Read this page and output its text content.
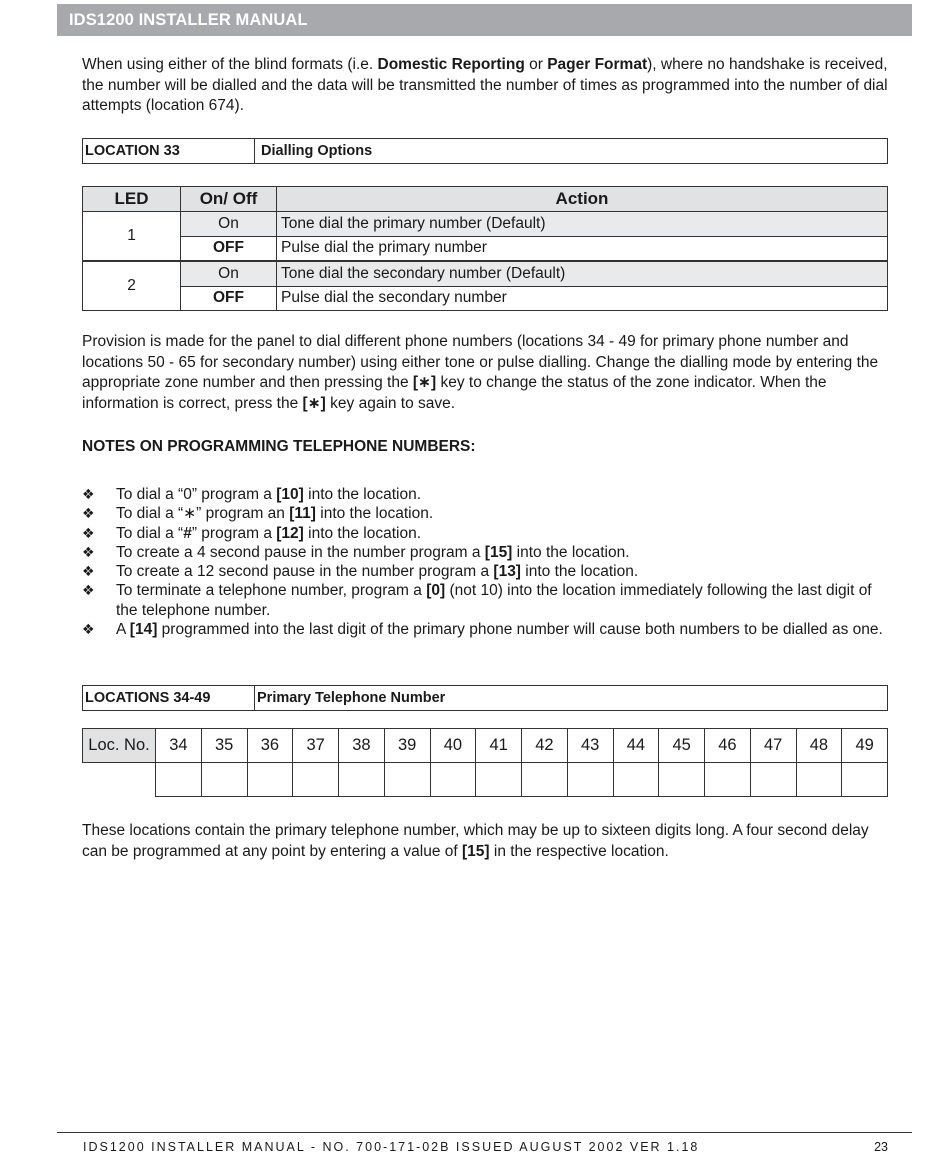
IDS1200 INSTALLER MANUAL

When using either of the blind formats (i.e. Domestic Reporting or Pager Format), where no handshake is received, the number will be dialled and the data will be transmitted the number of times as programmed into the number of dial attempts (location 674).

LOCATION 33	Dialling Options
LED	On/ Off	Action
1	On	Tone dial the primary number (Default)
	OFF	Pulse dial the primary number
2	On	Tone dial the secondary number (Default)
	OFF	Pulse dial the secondary number

Provision is made for the panel to dial different phone numbers (locations 34 - 49 for primary phone number and locations 50 - 65 for secondary number) using either tone or pulse dialling. Change the dialling mode by entering the appropriate zone number and then pressing the [∗] key to change the status of the zone indicator. When the information is correct, press the [∗] key again to save.

NOTES ON PROGRAMMING TELEPHONE NUMBERS:
❖ To dial a “0” program a [10] into the location.
❖ To dial a “∗” program an [11] into the location.
❖ To dial a “#” program a [12] into the location.
❖ To create a 4 second pause in the number program a [15] into the location.
❖ To create a 12 second pause in the number program a [13] into the location.
❖ To terminate a telephone number, program a [0] (not 10) into the location immediately following the last digit of the telephone number.
❖ A [14] programmed into the last digit of the primary phone number will cause both numbers to be dialled as one.
LOCATIONS 34-49	Primary Telephone Number
Loc. No.	34	35	36	37	38	39	40	41	42	43	44	45	46	47	48	49

These locations contain the primary telephone number, which may be up to sixteen digits long. A four second delay can be programmed at any point by entering a value of [15] in the respective location.

IDS1200 INSTALLER MANUAL - NO. 700-171-02B ISSUED AUGUST 2002 VER 1.18	23
